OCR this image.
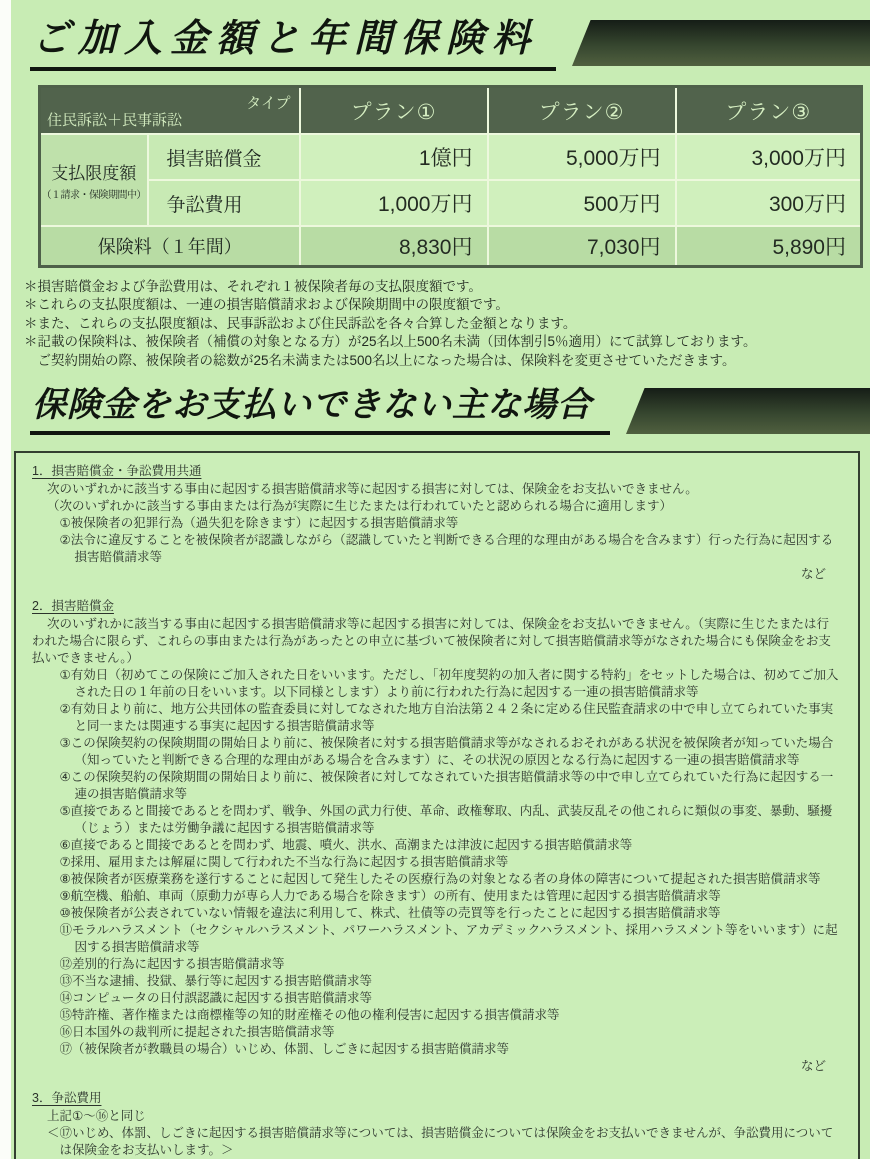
ご加入金額と年間保険料
タイプ
住民訴訟＋民事訴訟		プラン①	プラン②	プラン③
支払限度額
（１請求・保険期間中）	損害賠償金	1億円	5,000万円	3,000万円
	争訟費用	1,000万円	500万円	300万円
保険料（１年間）		8,830円	7,030円	5,890円
＊損害賠償金および争訟費用は、それぞれ１被保険者毎の支払限度額です。
＊これらの支払限度額は、一連の損害賠償請求および保険期間中の限度額です。
＊また、これらの支払限度額は、民事訴訟および住民訴訟を各々合算した金額となります。
＊記載の保険料は、被保険者（補償の対象となる方）が25名以上500名未満（団体割引5％適用）にて試算しております。
　ご契約開始の際、被保険者の総数が25名未満または500名以上になった場合は、保険料を変更させていただきます。
保険金をお支払いできない主な場合
1．損害賠償金・争訟費用共通
次のいずれかに該当する事由に起因する損害賠償請求等に起因する損害に対しては、保険金をお支払いできません。
（次のいずれかに該当する事由または行為が実際に生じたまたは行われていたと認められる場合に適用します）
①被保険者の犯罪行為（過失犯を除きます）に起因する損害賠償請求等
②法令に違反することを被保険者が認識しながら（認識していたと判断できる合理的な理由がある場合を含みます）行った行為に起因する損害賠償請求等
など
2．損害賠償金
次のいずれかに該当する事由に起因する損害賠償請求等に起因する損害に対しては、保険金をお支払いできません。（実際に生じたまたは行われた場合に限らず、これらの事由または行為があったとの申立に基づいて被保険者に対して損害賠償請求等がなされた場合にも保険金をお支払いできません。）
①有効日（初めてこの保険にご加入された日をいいます。ただし、「初年度契約の加入者に関する特約」をセットした場合は、初めてご加入された日の１年前の日をいいます。以下同様とします）より前に行われた行為に起因する一連の損害賠償請求等
②有効日より前に、地方公共団体の監査委員に対してなされた地方自治法第２４２条に定める住民監査請求の中で申し立てられていた事実と同一または関連する事実に起因する損害賠償請求等
③この保険契約の保険期間の開始日より前に、被保険者に対する損害賠償請求等がなされるおそれがある状況を被保険者が知っていた場合（知っていたと判断できる合理的な理由がある場合を含みます）に、その状況の原因となる行為に起因する一連の損害賠償請求等
④この保険契約の保険期間の開始日より前に、被保険者に対してなされていた損害賠償請求等の中で申し立てられていた行為に起因する一連の損害賠償請求等
⑤直接であると間接であるとを問わず、戦争、外国の武力行使、革命、政権奪取、内乱、武装反乱その他これらに類似の事変、暴動、騒擾（じょう）または労働争議に起因する損害賠償請求等
⑥直接であると間接であるとを問わず、地震、噴火、洪水、高潮または津波に起因する損害賠償請求等
⑦採用、雇用または解雇に関して行われた不当な行為に起因する損害賠償請求等
⑧被保険者が医療業務を遂行することに起因して発生したその医療行為の対象となる者の身体の障害について提起された損害賠償請求等
⑨航空機、船舶、車両（原動力が専ら人力である場合を除きます）の所有、使用または管理に起因する損害賠償請求等
⑩被保険者が公表されていない情報を違法に利用して、株式、社債等の売買等を行ったことに起因する損害賠償請求等
⑪モラルハラスメント（セクシャルハラスメント、パワーハラスメント、アカデミックハラスメント、採用ハラスメント等をいいます）に起因する損害賠償請求等
⑫差別的行為に起因する損害賠償請求等
⑬不当な逮捕、投獄、暴行等に起因する損害賠償請求等
⑭コンピュータの日付誤認識に起因する損害賠償請求等
⑮特許権、著作権または商標権等の知的財産権その他の権利侵害に起因する損害償請求等
⑯日本国外の裁判所に提起された損害賠償請求等
⑰（被保険者が教職員の場合）いじめ、体罰、しごきに起因する損害賠償請求等
など
3．争訟費用
上記①～⑯と同じ
＜⑰いじめ、体罰、しごきに起因する損害賠償請求等については、損害賠償金については保険金をお支払いできませんが、争訟費用については保険金をお支払いします。＞
